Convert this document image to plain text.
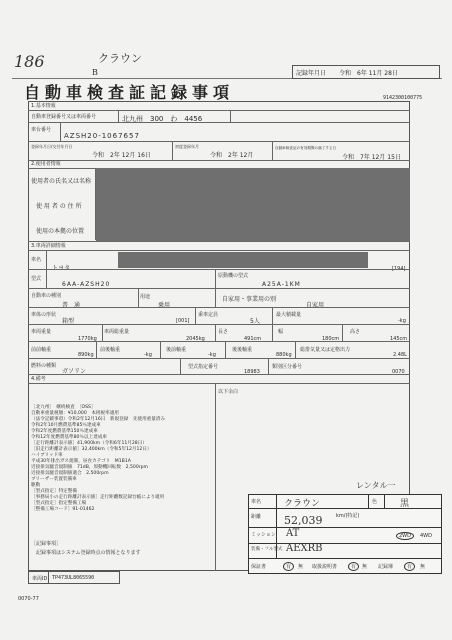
186	クラウン
B	記録年月日 令和　6年 11月 28日
自動車検査証記録事項	9142300100775
1.基本情報
自動車登録番号又は車両番号	北九州　300　わ　4456
車台番号
AZSH20-1067657
登録年月日/交付年月日
令和　2年 12月 16日
初度登録年月
令和　2年 12月
自動車検査証の有効期間の満了する日
令和　7年 12月 15日
2.使用者情報
使用者の氏名又は名称
使 用 者 の 住 所
使用の本拠の位置
3.車両詳細情報
車名
トヨタ	[194]
型式
6AA-AZSH20
原動機の型式
A25A-1KM
自動車の種別
普　通
用途
乗用
自家用・事業用の別
自家用
車体の形状
箱型	[001]
乗車定員
5人
最大積載量
-kg
車両重量
1770kg
車両総重量
2045kg
長さ
491cm
幅
180cm
高さ
145cm
前前軸重
890kg
前後軸重
-kg
後前軸重
-kg
後後軸重
880kg
総排気量又は定格出力
2.48L
燃料の種類
ガソリン
型式指定番号
18983
類別区分番号
0070
4.備考
以下余白
［北九州］　継続検査　［OSS］
自動車重量税額：¥10,000　本則税率適用
（法令記載事項）令和2年12月16日　新規登録　先使用重量済み
令和2年10月燃費基準85％達成車
令和2年度燃費基準150％達成車
令和12年度燃費基準80％以上達成車
［走行距離計表示値］41,900km（令和6年11月28日）
［旧走行距離計表示値］32,400km（令和5年12月12日）
ハイブリッド車
平成30年排出ガス規制，昼食カテゴリ　M1B1A
近接排気騒音規制値　71dB，原動機回転数　2,500rpm
近接排気騒音規制値適合　2,500rpm
ブリーザー装置装備車
駆動
［型式指定］特定整備
［事務局小の走行距離計表示値］走行距離数記録台帳により適用
［型式指定］指定整備工場
［整備工場コード］91-01462
［記録事項］
記録事項はシステム登録時点の情報となります
車両ID TP473UL8065590
0070-77
レンタル一
車名	クラウン	色	黒
距離	km/(特記)
52,039
ミッション AT	2WD	4WD
装備・フル型式 AEXRB
保証書	有	無 取扱説明書	有	無 記録簿	有	無
